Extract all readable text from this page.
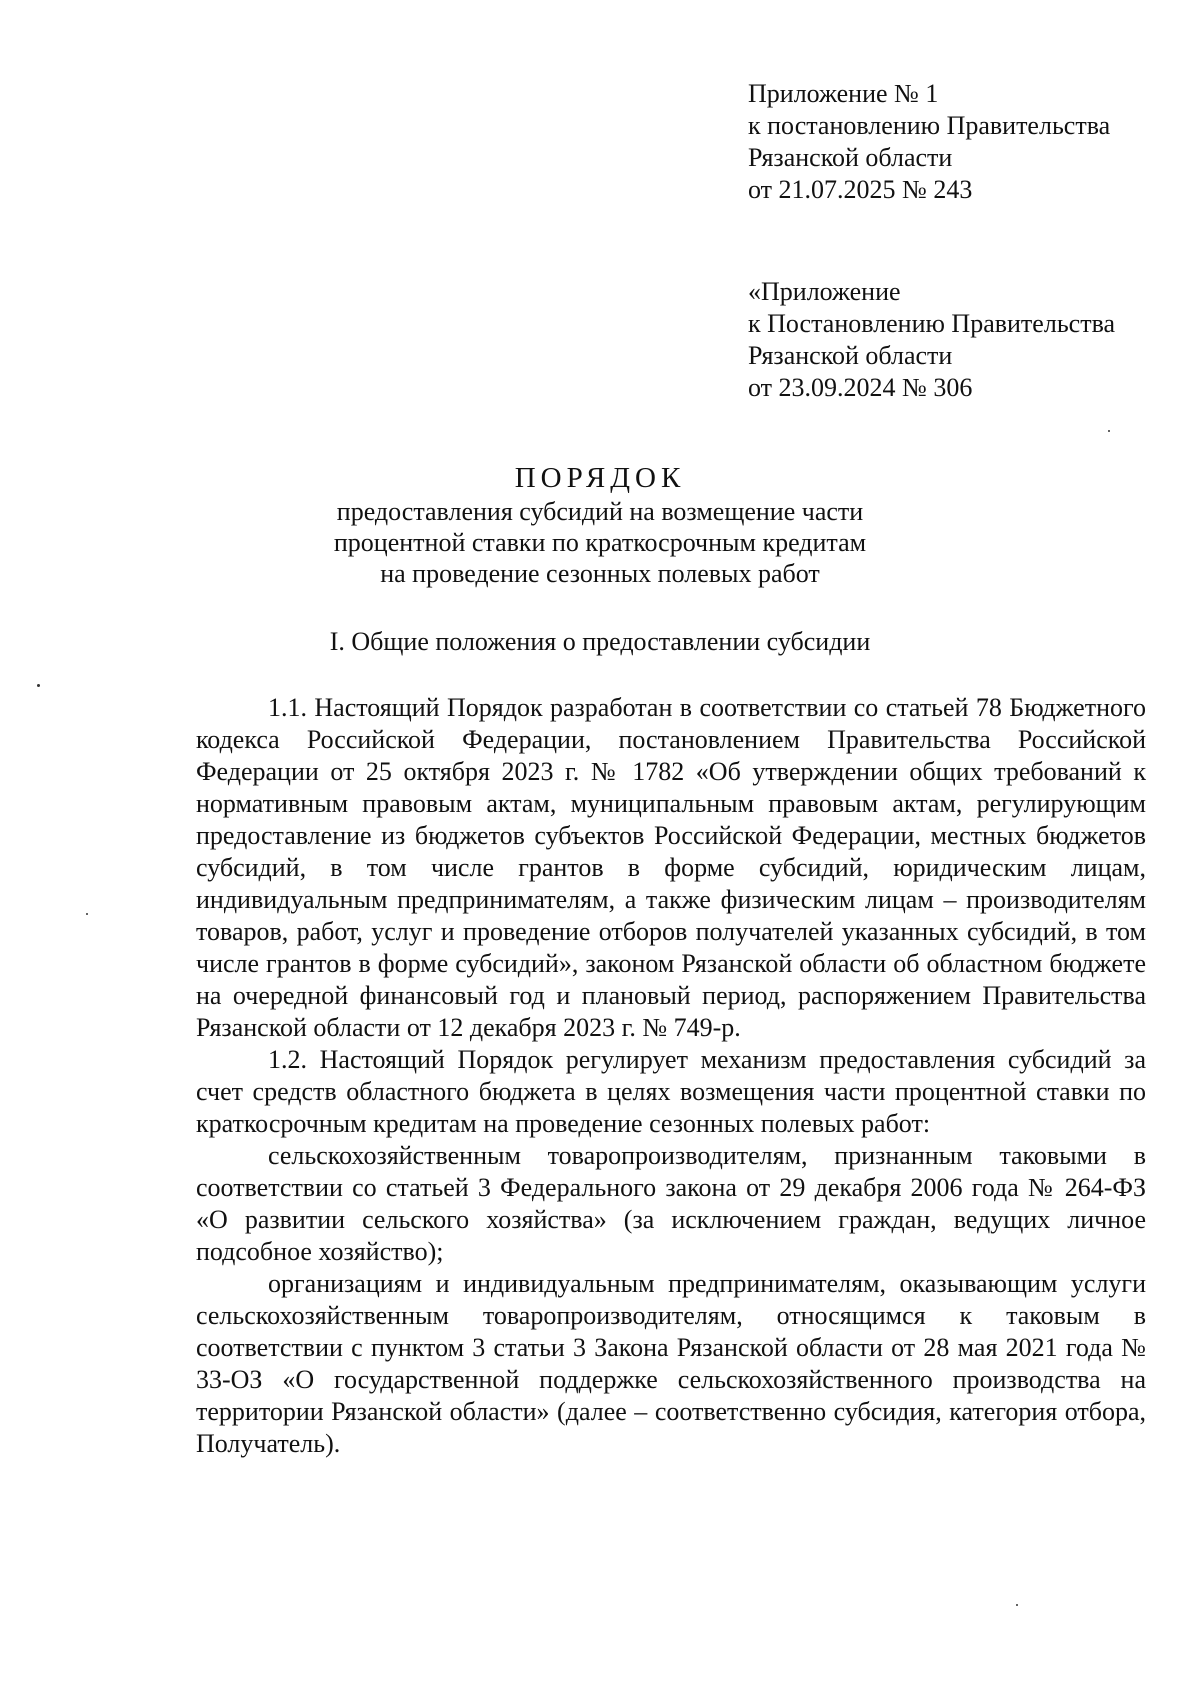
Приложение № 1
к постановлению Правительства
Рязанской области
от 21.07.2025 № 243
«Приложение
к Постановлению Правительства
Рязанской области
от 23.09.2024 № 306
ПОРЯДОК
предоставления субсидий на возмещение части
процентной ставки по краткосрочным кредитам
на проведение сезонных полевых работ
I. Общие положения о предоставлении субсидии

1.1. Настоящий Порядок разработан в соответствии со статьей 78 Бюджетного кодекса Российской Федерации, постановлением Правительства Российской Федерации от 25 октября 2023 г. № 1782 «Об утверждении общих требований к нормативным правовым актам, муниципальным правовым актам, регулирующим предоставление из бюджетов субъектов Российской Федерации, местных бюджетов субсидий, в том числе грантов в форме субсидий, юридическим лицам, индивидуальным предпринимателям, а также физическим лицам – производителям товаров, работ, услуг и проведение отборов получателей указанных субсидий, в том числе грантов в форме субсидий», законом Рязанской области об областном бюджете на очередной финансовый год и плановый период, распоряжением Правительства Рязанской области от 12 декабря 2023 г. № 749-р.

1.2. Настоящий Порядок регулирует механизм предоставления субсидий за счет средств областного бюджета в целях возмещения части процентной ставки по краткосрочным кредитам на проведение сезонных полевых работ:

сельскохозяйственным товаропроизводителям, признанным таковыми в соответствии со статьей 3 Федерального закона от 29 декабря 2006 года № 264-ФЗ «О развитии сельского хозяйства» (за исключением граждан, ведущих личное подсобное хозяйство);

организациям и индивидуальным предпринимателям, оказывающим услуги сельскохозяйственным товаропроизводителям, относящимся к таковым в соответствии с пунктом 3 статьи 3 Закона Рязанской области от 28 мая 2021 года № 33-ОЗ «О государственной поддержке сельскохозяйственного производства на территории Рязанской области» (далее – соответственно субсидия, категория отбора, Получатель).
